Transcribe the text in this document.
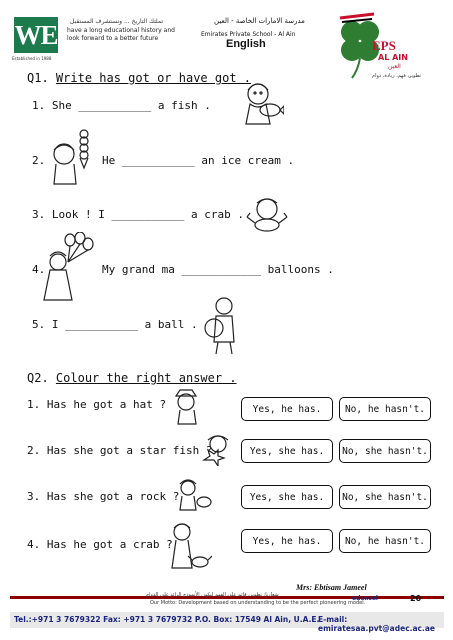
WE
Established in 1988
تملتك التاريخ ... ونستشرف المستقبل
have a long educational history and look forward to a better future
مدرسة الامارات الخاصة - العين
Emirates Private School - Al Ain
English	EPS
AL AIN
العين
تطوير، فهم، ريادة، دوام
Q1. Write has got or have got .
1. She ___________ a fish .
2.	He ___________ an ice cream .
3. Look ! I ___________ a crab .
4.	My grand ma ____________ balloons .
5. I ___________ a ball .
Q2. Colour the right answer .
1. Has he got a hat ?	Yes, he has.	No, he hasn't.
2. Has she got a star fish ?	Yes, she has.	No, she hasn't.
3. Has she got a rock ?	Yes, she has.	No, she hasn't.
4. Has he got a crab ?	Yes, he has.	No, he hasn't.
Mrs: Ebtisam Jameel
شعارنا: تطوير، قائم على الفهم لنكون الأنموذج الرائد على الدوام
Our Motto: Development based on understanding to be the perfect pioneering model.
edexcel	20
Tel.:+971 3 7679322 Fax: +971 3 7679732 P.O. Box: 17549 Al Ain, U.A.E.
E-mail: emiratesaa.pvt@adec.ac.ae
